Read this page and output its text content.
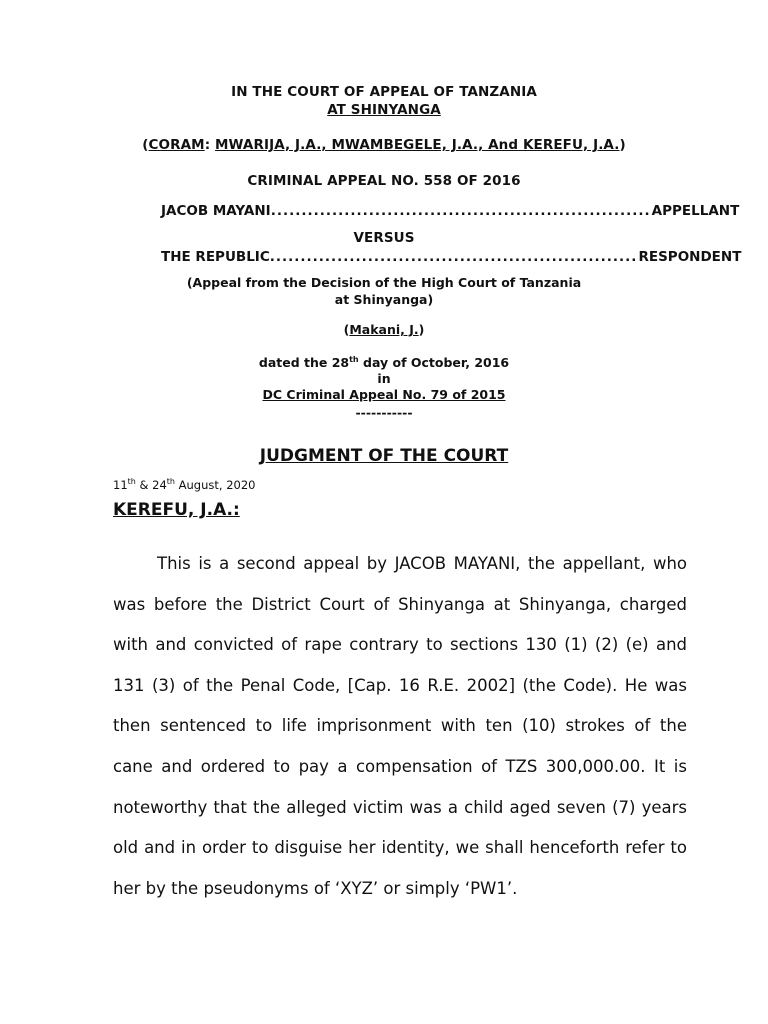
IN THE COURT OF APPEAL OF TANZANIA
AT SHINYANGA
(CORAM: MWARIJA, J.A., MWAMBEGELE, J.A., And KEREFU, J.A.)
CRIMINAL APPEAL NO. 558 OF 2016
JACOB MAYANI .............................................................. APPELLANT
VERSUS
THE REPUBLIC ............................................................ RESPONDENT
(Appeal from the Decision of the High Court of Tanzania
at Shinyanga)
(Makani, J.)
dated the 28th day of October, 2016
in
DC Criminal Appeal No. 79 of 2015
-----------
JUDGMENT OF THE COURT
11th & 24th August, 2020
KEREFU, J.A.:

This is a second appeal by JACOB MAYANI, the appellant, who was before the District Court of Shinyanga at Shinyanga, charged with and convicted of rape contrary to sections 130 (1) (2) (e) and 131 (3) of the Penal Code, [Cap. 16 R.E. 2002] (the Code). He was then sentenced to life imprisonment with ten (10) strokes of the cane and ordered to pay a compensation of TZS 300,000.00. It is noteworthy that the alleged victim was a child aged seven (7) years old and in order to disguise her identity, we shall henceforth refer to her by the pseudonyms of ‘XYZ’ or simply ‘PW1’.
